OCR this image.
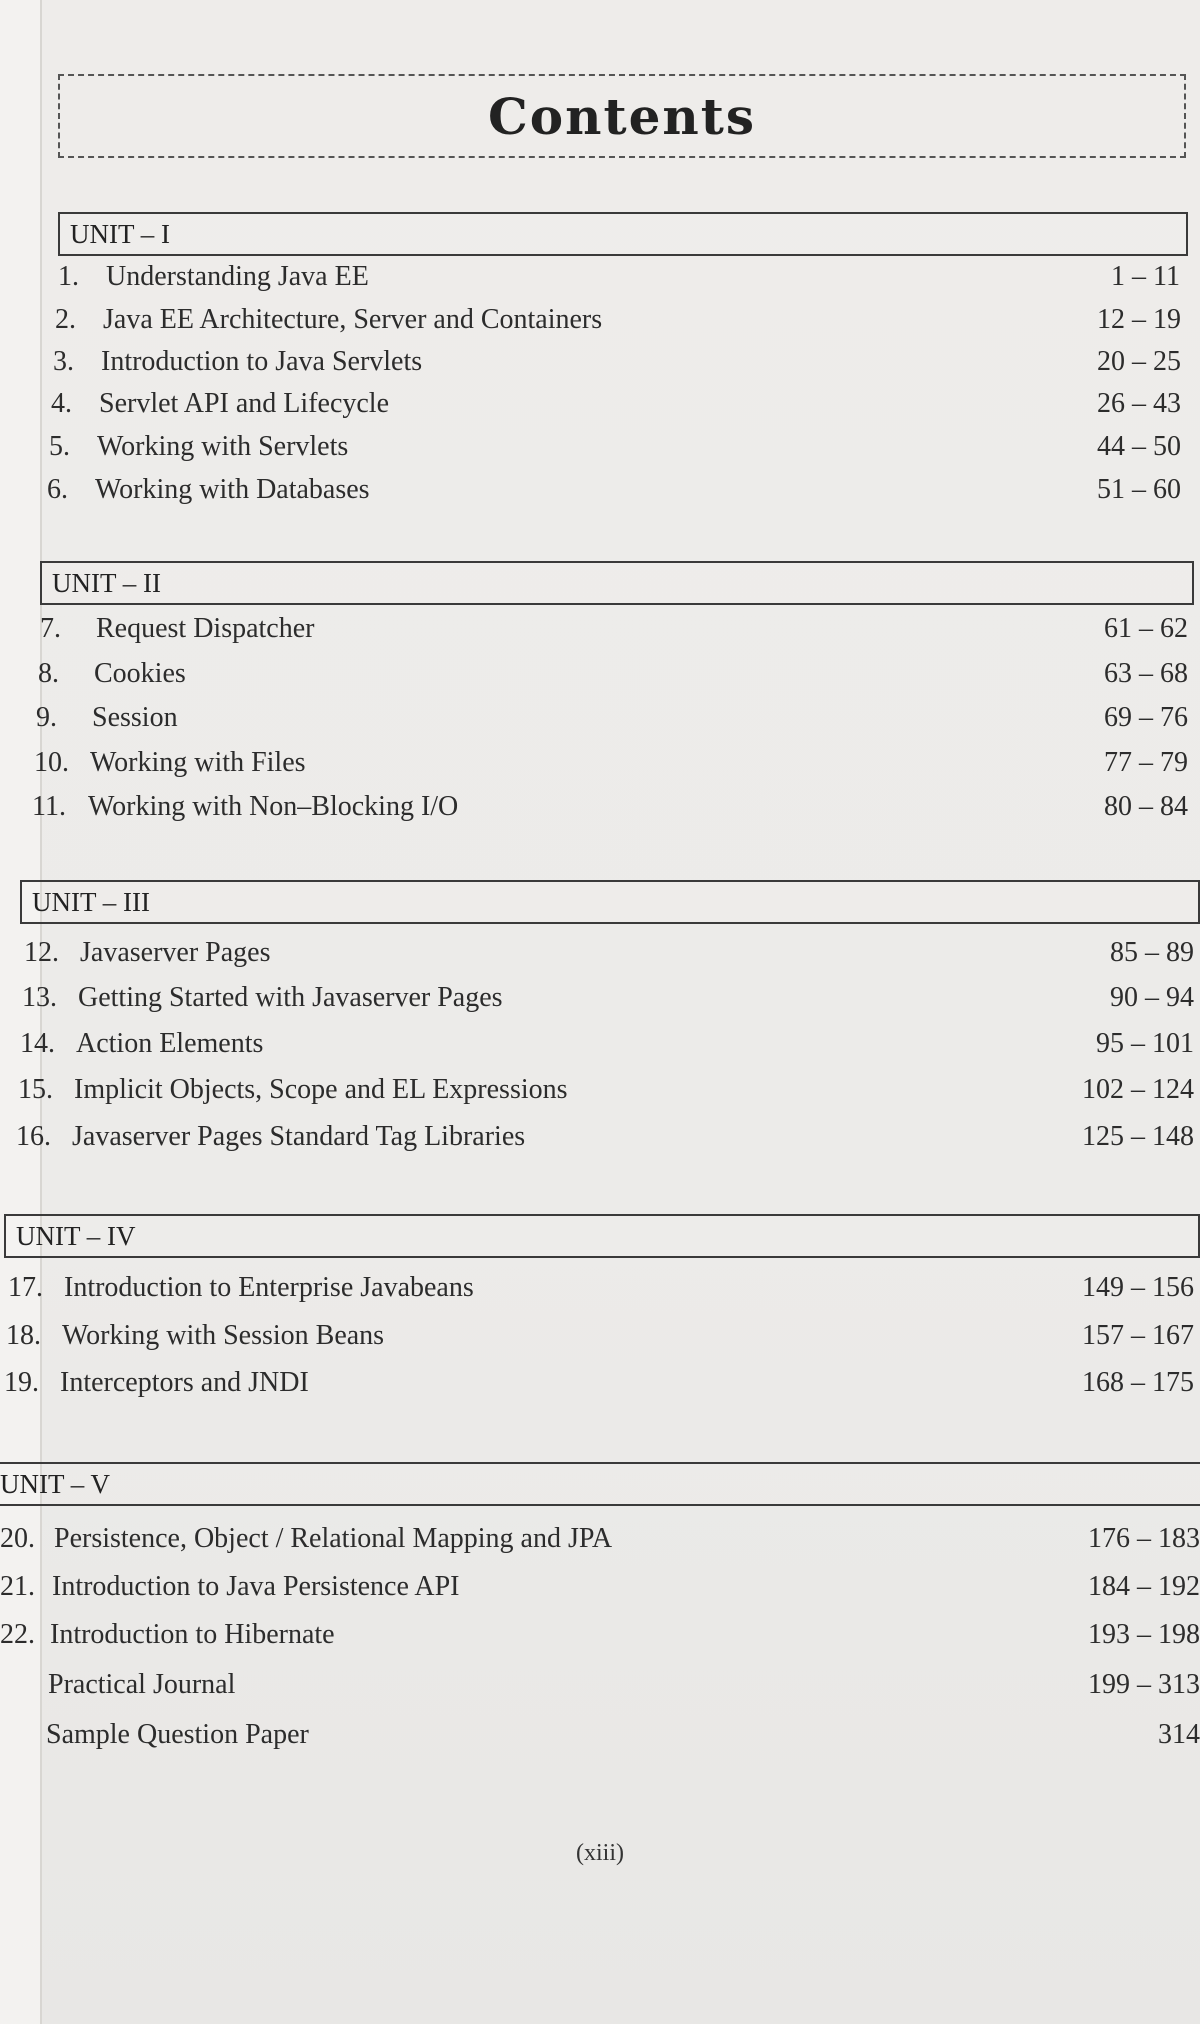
Contents
UNIT – I
1. Understanding Java EE	1 – 11
2. Java EE Architecture, Server and Containers	12 – 19
3. Introduction to Java Servlets	20 – 25
4. Servlet API and Lifecycle	26 – 43
5. Working with Servlets	44 – 50
6. Working with Databases	51 – 60
UNIT – II
7.	Request Dispatcher	61 – 62
8.	Cookies	63 – 68
9.	Session	69 – 76
10. Working with Files	77 – 79
11. Working with Non–Blocking I/O	80 – 84
UNIT – III
12. Javaserver Pages	85 – 89
13. Getting Started with Javaserver Pages	90 – 94
14. Action Elements	95 – 101
15. Implicit Objects, Scope and EL Expressions	102 – 124
16. Javaserver Pages Standard Tag Libraries	125 – 148
UNIT – IV
17. Introduction to Enterprise Javabeans	149 – 156
18. Working with Session Beans	157 – 167
19. Interceptors and JNDI	168 – 175
UNIT – V
20. Persistence, Object / Relational Mapping and JPA	176 – 183
21. Introduction to Java Persistence API	184 – 192
22. Introduction to Hibernate	193 – 198
Practical Journal	199 – 313
Sample Question Paper	314
(xiii)
